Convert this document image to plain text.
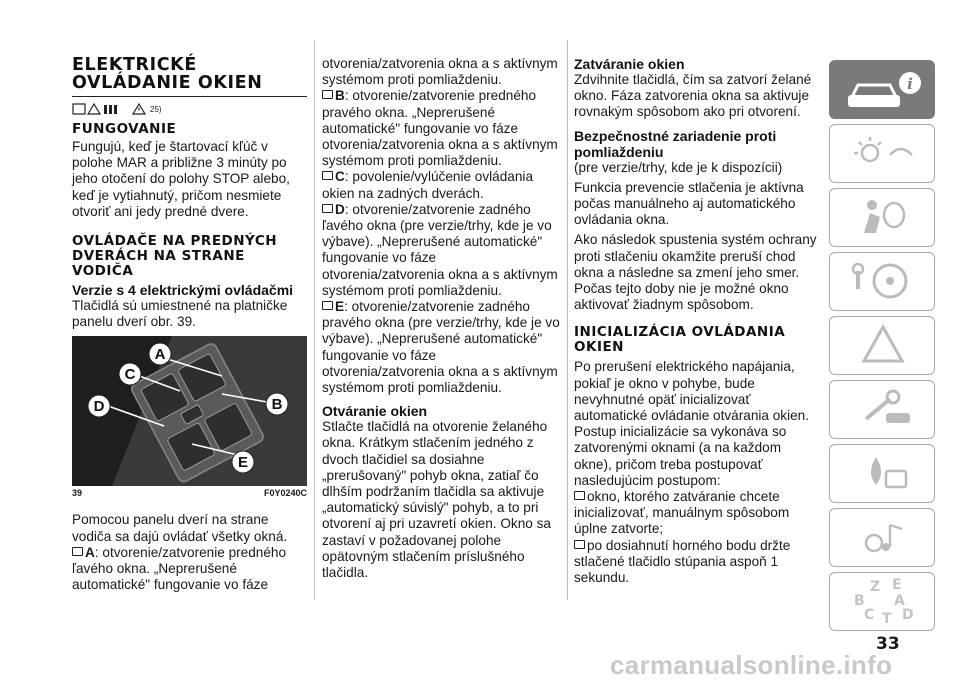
ELEKTRICKÉ OVLÁDANIE OKIEN
25)
FUNGOVANIE

Fungujú, keď je štartovací kľúč v polohe MAR a približne 3 minúty po jeho otočení do polohy STOP alebo, keď je vytiahnutý, pričom nesmiete otvoriť ani jedy predné dvere.

OVLÁDAČE NA PREDNÝCH DVERÁCH NA STRANE VODIČA
Verzie s 4 elektrickými ovládačmi

Tlačidlá sú umiestnené na platničke panelu dverí obr. 39.

A
B
C
D
E
39	F0Y0240C

Pomocou panelu dverí na strane vodiča sa dajú ovládať všetky okná.

A: otvorenie/zatvorenie predného ľavého okna. „Neprerušené automatické" fungovanie vo fáze

otvorenia/zatvorenia okna a s aktívnym systémom proti pomliaždeniu.

B: otvorenie/zatvorenie predného pravého okna. „Neprerušené automatické" fungovanie vo fáze otvorenia/zatvorenia okna a s aktívnym systémom proti pomliaždeniu.

C: povolenie/vylúčenie ovládania okien na zadných dverách.

D: otvorenie/zatvorenie zadného ľavého okna (pre verzie/trhy, kde je vo výbave). „Neprerušené automatické" fungovanie vo fáze otvorenia/zatvorenia okna a s aktívnym systémom proti pomliaždeniu.

E: otvorenie/zatvorenie zadného pravého okna (pre verzie/trhy, kde je vo výbave). „Neprerušené automatické" fungovanie vo fáze otvorenia/zatvorenia okna a s aktívnym systémom proti pomliaždeniu.

Otváranie okien

Stlačte tlačidlá na otvorenie želaného okna. Krátkym stlačením jedného z dvoch tlačidiel sa dosiahne „prerušovaný" pohyb okna, zatiaľ čo dlhším podržaním tlačidla sa aktivuje „automatický súvislý" pohyb, a to pri otvorení aj pri uzavretí okien. Okno sa zastaví v požadovanej polohe opätovným stlačením príslušného tlačidla.

Zatváranie okien

Zdvihnite tlačidlá, čím sa zatvorí želané okno. Fáza zatvorenia okna sa aktivuje rovnakým spôsobom ako pri otvorení.

Bezpečnostné zariadenie proti pomliaždeniu

(pre verzie/trhy, kde je k dispozícii)

Funkcia prevencie stlačenia je aktívna počas manuálneho aj automatického ovládania okna.

Ako následok spustenia systém ochrany proti stlačeniu okamžite preruší chod okna a následne sa zmení jeho smer. Počas tejto doby nie je možné okno aktivovať žiadnym spôsobom.

INICIALIZÁCIA OVLÁDANIA OKIEN

Po prerušení elektrického napájania, pokiaľ je okno v pohybe, bude nevyhnutné opäť inicializovať automatické ovládanie otvárania okien. Postup inicializácie sa vykonáva so zatvorenými oknami (a na každom okne), pričom treba postupovať nasledujúcim postupom:

okno, ktorého zatváranie chcete inicializovať, manuálnym spôsobom úplne zatvorte;

po dosiahnutí horného bodu držte stlačené tlačidlo stúpania aspoň 1 sekundu.

i
Z E
B A
C T D
33
carmanualsonline.info
